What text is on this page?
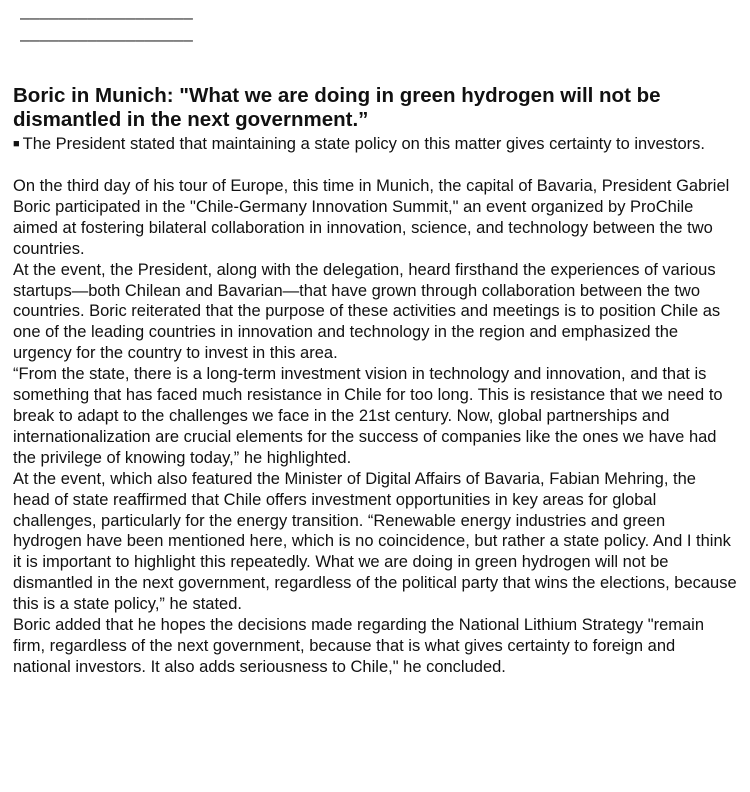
——————————————————
——————————————————
Boric in Munich: "What we are doing in green hydrogen will not be dismantled in the next government.”

■ The President stated that maintaining a state policy on this matter gives certainty to investors.

On the third day of his tour of Europe, this time in Munich, the capital of Bavaria, President Gabriel Boric participated in the "Chile-Germany Innovation Summit," an event organized by ProChile aimed at fostering bilateral collaboration in innovation, science, and technology between the two countries.

At the event, the President, along with the delegation, heard firsthand the experiences of various startups—both Chilean and Bavarian—that have grown through collaboration between the two countries. Boric reiterated that the purpose of these activities and meetings is to position Chile as one of the leading countries in innovation and technology in the region and emphasized the urgency for the country to invest in this area.

“From the state, there is a long-term investment vision in technology and innovation, and that is something that has faced much resistance in Chile for too long. This is resistance that we need to break to adapt to the challenges we face in the 21st century. Now, global partnerships and internationalization are crucial elements for the success of companies like the ones we have had the privilege of knowing today,” he highlighted.

At the event, which also featured the Minister of Digital Affairs of Bavaria, Fabian Mehring, the head of state reaffirmed that Chile offers investment opportunities in key areas for global challenges, particularly for the energy transition. “Renewable energy industries and green hydrogen have been mentioned here, which is no coincidence, but rather a state policy. And I think it is important to highlight this repeatedly. What we are doing in green hydrogen will not be dismantled in the next government, regardless of the political party that wins the elections, because this is a state policy,” he stated.

Boric added that he hopes the decisions made regarding the National Lithium Strategy "remain firm, regardless of the next government, because that is what gives certainty to foreign and national investors. It also adds seriousness to Chile," he concluded.
